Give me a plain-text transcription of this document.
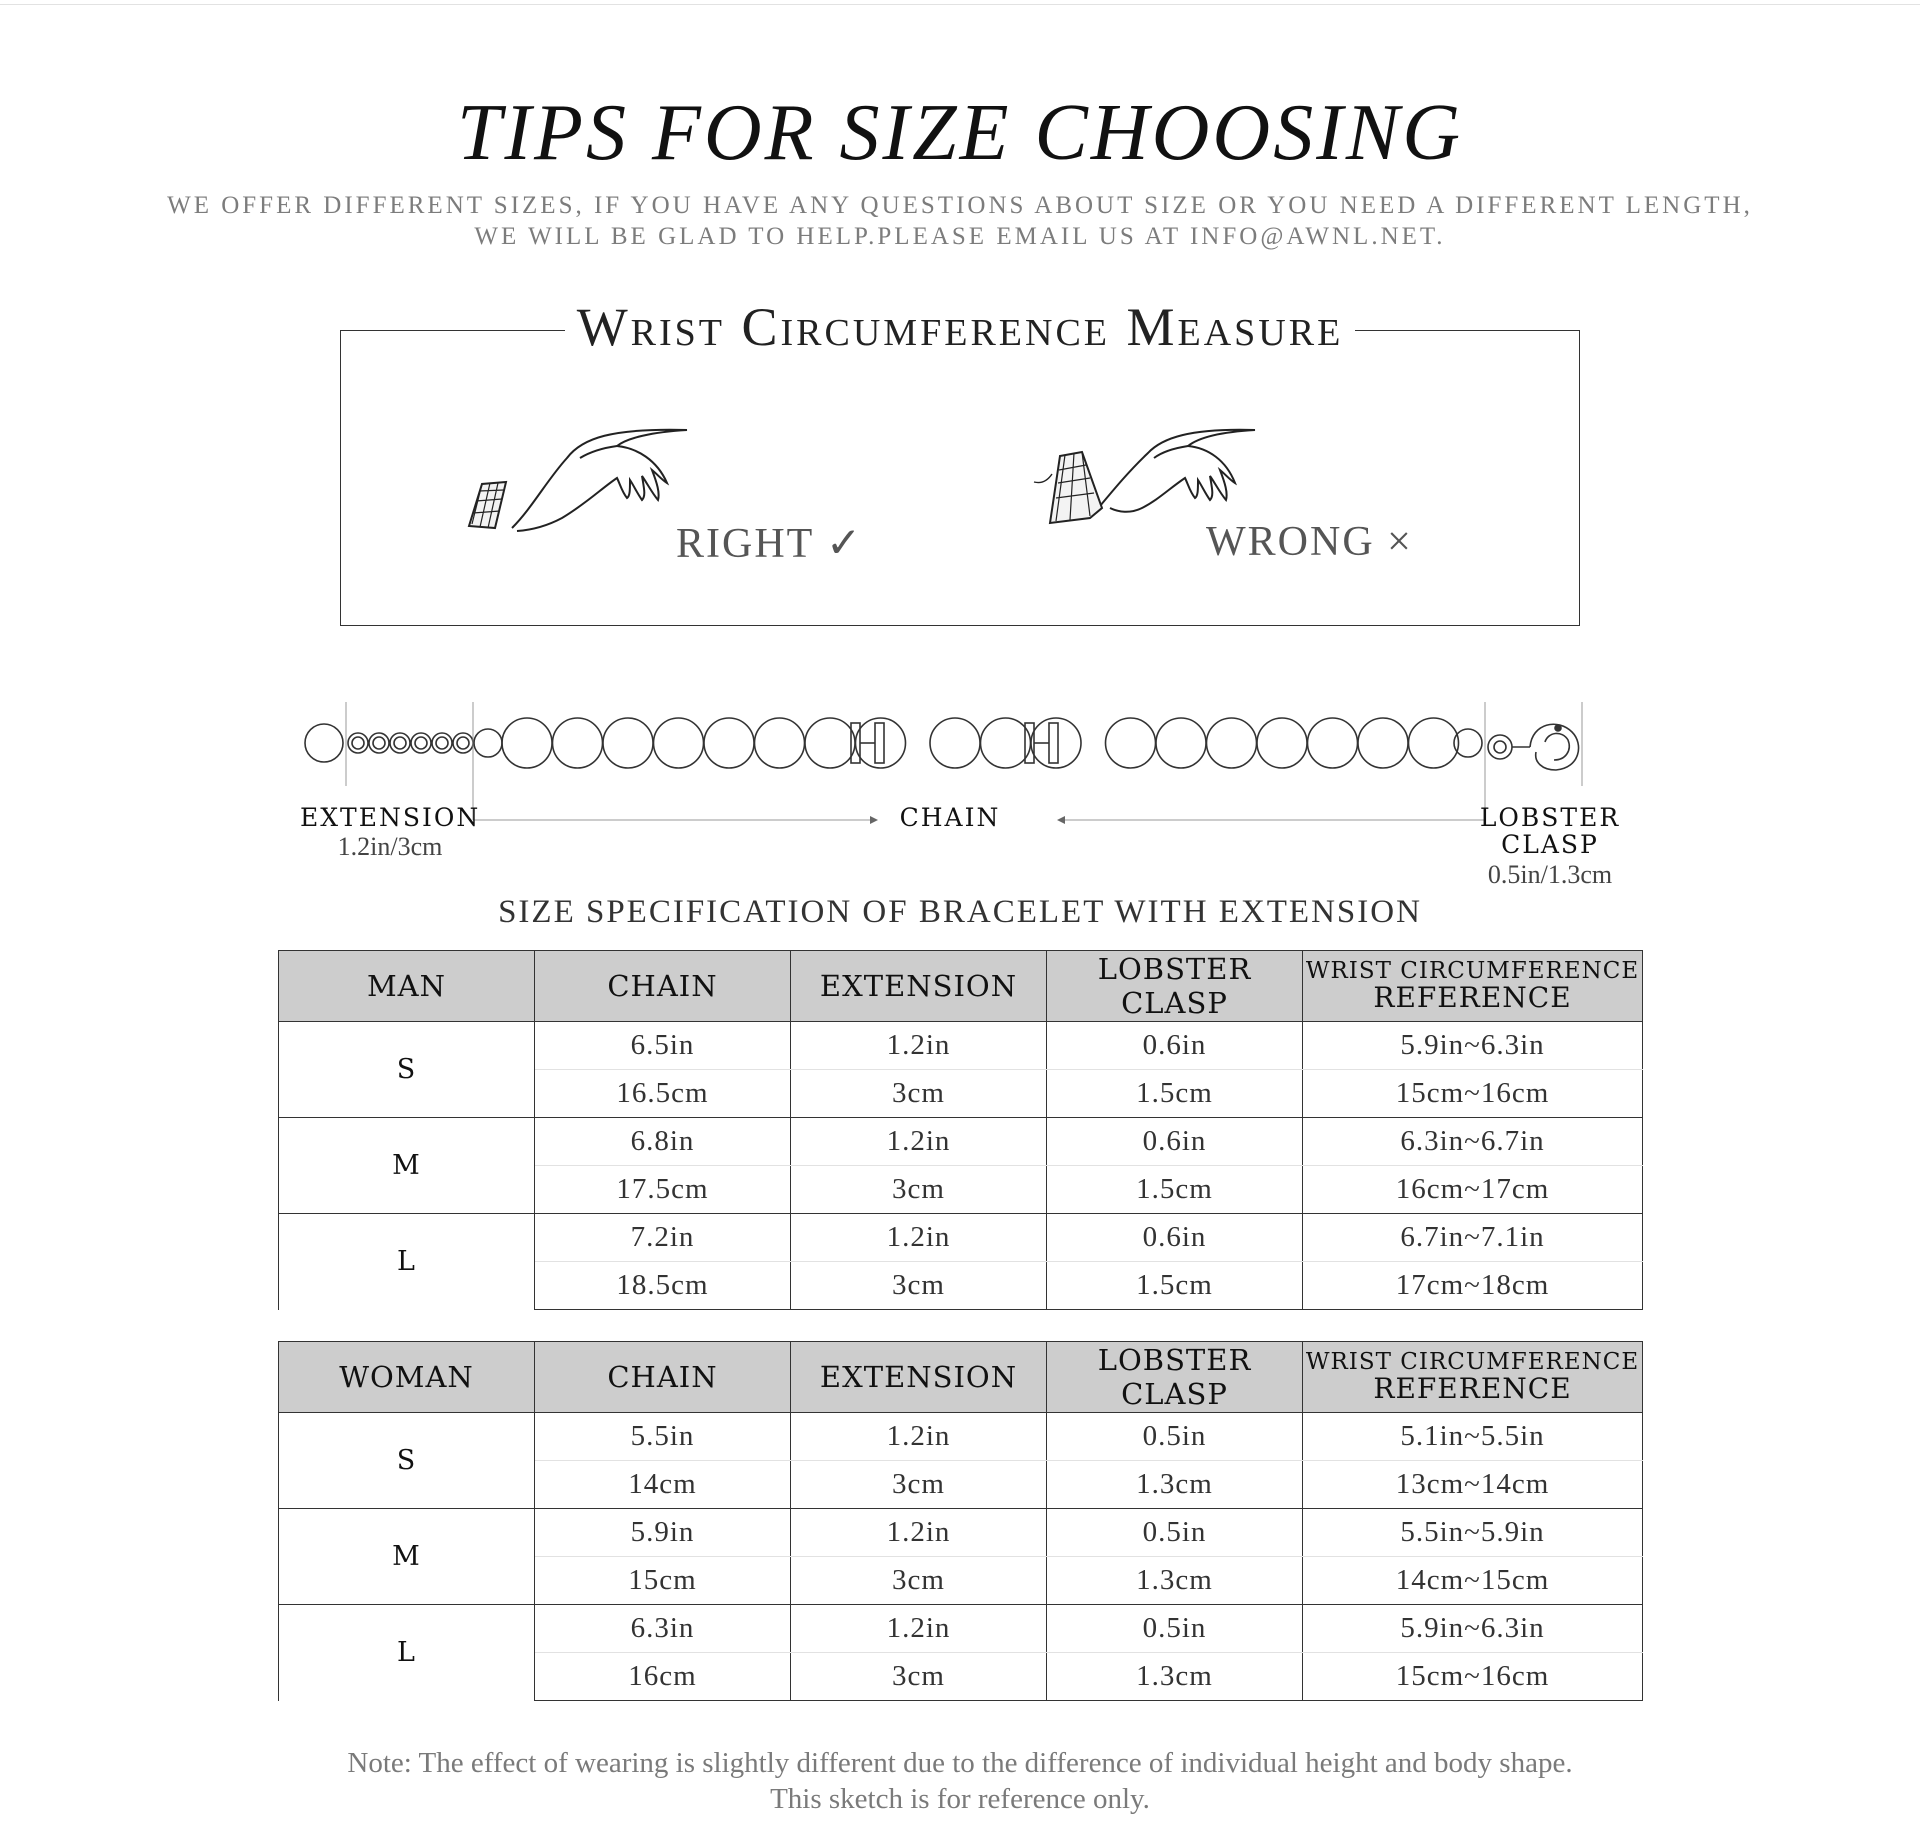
TIPS FOR SIZE CHOOSING
WE OFFER DIFFERENT SIZES, IF YOU HAVE ANY QUESTIONS ABOUT SIZE OR YOU NEED A DIFFERENT LENGTH,
WE WILL BE GLAD TO HELP.PLEASE EMAIL US AT INFO@AWNL.NET.
Wrist Circumference Measure
RIGHT ✓	WRONG ×
EXTENSION
1.2in/3cm
CHAIN	LOBSTER
CLASP
0.5in/1.3cm
SIZE SPECIFICATION OF BRACELET WITH EXTENSION
MAN	CHAIN	EXTENSION	LOBSTER CLASP	WRIST CIRCUMFERENCE
REFERENCE

S	6.5in	1.2in	0.6in	5.9in~6.3in
	16.5cm	3cm	1.5cm	15cm~16cm
M	6.8in	1.2in	0.6in	6.3in~6.7in
	17.5cm	3cm	1.5cm	16cm~17cm
L	7.2in	1.2in	0.6in	6.7in~7.1in
	18.5cm	3cm	1.5cm	17cm~18cm
WOMAN	CHAIN	EXTENSION	LOBSTER CLASP	WRIST CIRCUMFERENCE
REFERENCE

S	5.5in	1.2in	0.5in	5.1in~5.5in
	14cm	3cm	1.3cm	13cm~14cm
M	5.9in	1.2in	0.5in	5.5in~5.9in
	15cm	3cm	1.3cm	14cm~15cm
L	6.3in	1.2in	0.5in	5.9in~6.3in
	16cm	3cm	1.3cm	15cm~16cm
Note: The effect of wearing is slightly different due to the difference of individual height and body shape.
This sketch is for reference only.
